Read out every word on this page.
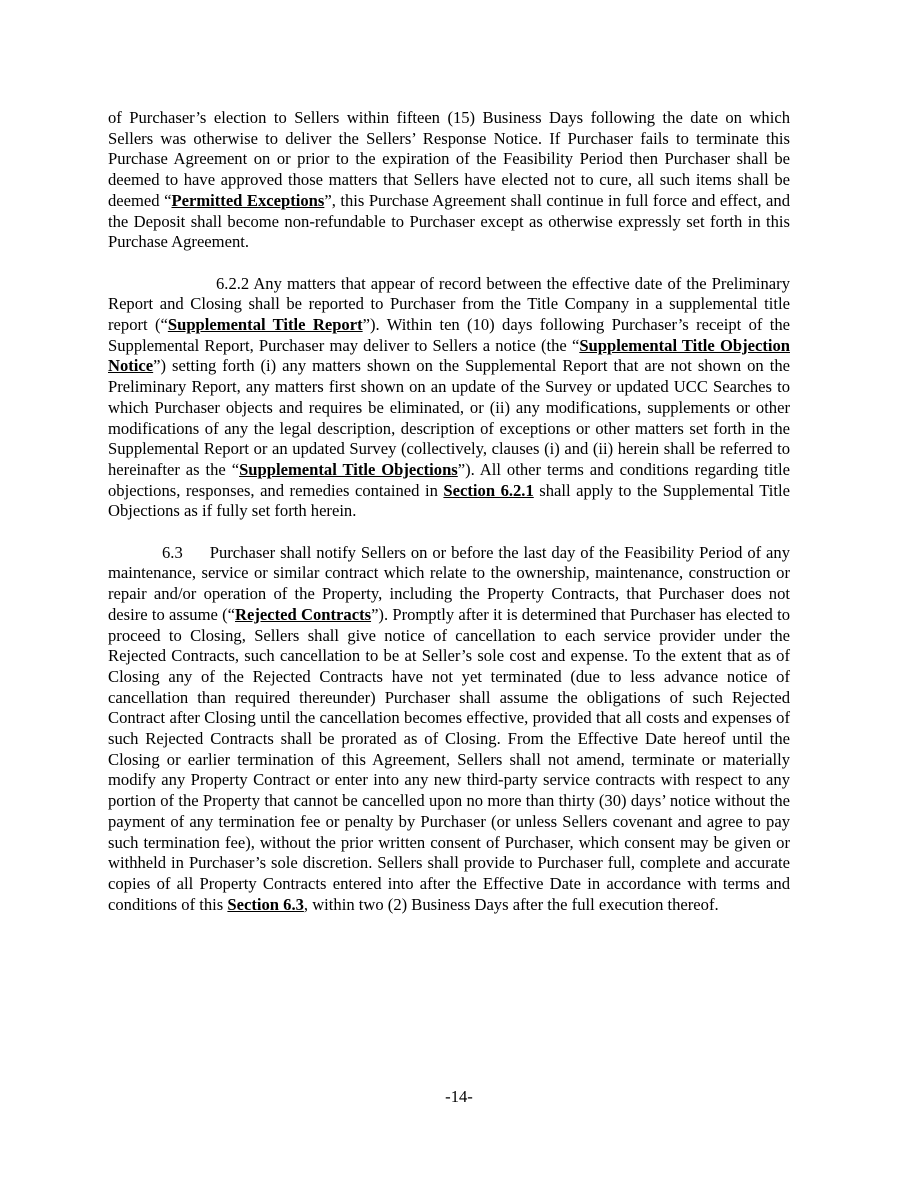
of Purchaser’s election to Sellers within fifteen (15) Business Days following the date on which Sellers was otherwise to deliver the Sellers’ Response Notice. If Purchaser fails to terminate this Purchase Agreement on or prior to the expiration of the Feasibility Period then Purchaser shall be deemed to have approved those matters that Sellers have elected not to cure, all such items shall be deemed “Permitted Exceptions”, this Purchase Agreement shall continue in full force and effect, and the Deposit shall become non-refundable to Purchaser except as otherwise expressly set forth in this Purchase Agreement.

6.2.2 Any matters that appear of record between the effective date of the Preliminary Report and Closing shall be reported to Purchaser from the Title Company in a supplemental title report (“Supplemental Title Report”). Within ten (10) days following Purchaser’s receipt of the Supplemental Report, Purchaser may deliver to Sellers a notice (the “Supplemental Title Objection Notice”) setting forth (i) any matters shown on the Supplemental Report that are not shown on the Preliminary Report, any matters first shown on an update of the Survey or updated UCC Searches to which Purchaser objects and requires be eliminated, or (ii) any modifications, supplements or other modifications of any the legal description, description of exceptions or other matters set forth in the Supplemental Report or an updated Survey (collectively, clauses (i) and (ii) herein shall be referred to hereinafter as the “Supplemental Title Objections”). All other terms and conditions regarding title objections, responses, and remedies contained in Section 6.2.1 shall apply to the Supplemental Title Objections as if fully set forth herein.

6.3 Purchaser shall notify Sellers on or before the last day of the Feasibility Period of any maintenance, service or similar contract which relate to the ownership, maintenance, construction or repair and/or operation of the Property, including the Property Contracts, that Purchaser does not desire to assume (“Rejected Contracts”). Promptly after it is determined that Purchaser has elected to proceed to Closing, Sellers shall give notice of cancellation to each service provider under the Rejected Contracts, such cancellation to be at Seller’s sole cost and expense. To the extent that as of Closing any of the Rejected Contracts have not yet terminated (due to less advance notice of cancellation than required thereunder) Purchaser shall assume the obligations of such Rejected Contract after Closing until the cancellation becomes effective, provided that all costs and expenses of such Rejected Contracts shall be prorated as of Closing. From the Effective Date hereof until the Closing or earlier termination of this Agreement, Sellers shall not amend, terminate or materially modify any Property Contract or enter into any new third-party service contracts with respect to any portion of the Property that cannot be cancelled upon no more than thirty (30) days’ notice without the payment of any termination fee or penalty by Purchaser (or unless Sellers covenant and agree to pay such termination fee), without the prior written consent of Purchaser, which consent may be given or withheld in Purchaser’s sole discretion. Sellers shall provide to Purchaser full, complete and accurate copies of all Property Contracts entered into after the Effective Date in accordance with terms and conditions of this Section 6.3, within two (2) Business Days after the full execution thereof.

-14-
